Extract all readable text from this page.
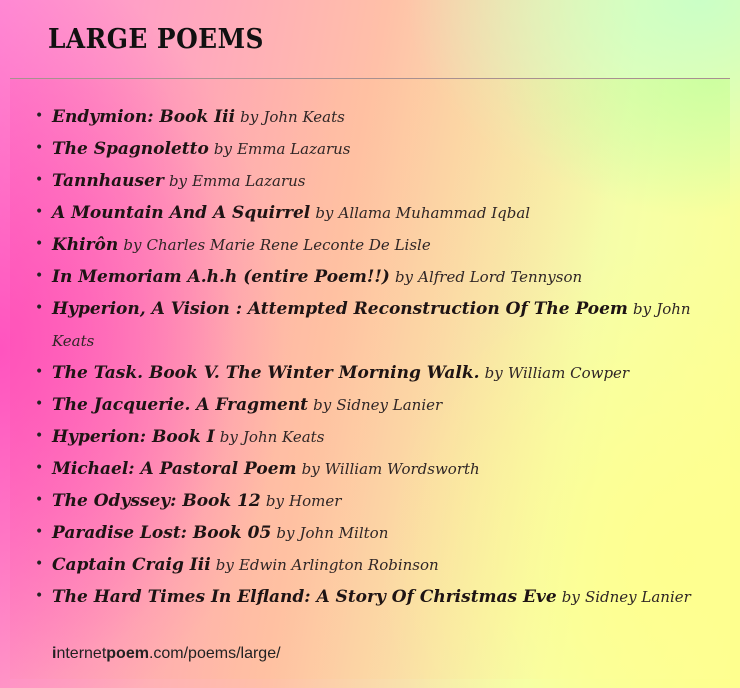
LARGE POEMS
• Endymion: Book Iii by John Keats
• The Spagnoletto by Emma Lazarus
• Tannhauser by Emma Lazarus
• A Mountain And A Squirrel by Allama Muhammad Iqbal
• Khirôn by Charles Marie Rene Leconte De Lisle
• In Memoriam A.h.h (entire Poem!!) by Alfred Lord Tennyson
• Hyperion, A Vision : Attempted Reconstruction Of The Poem by John Keats
• The Task. Book V. The Winter Morning Walk. by William Cowper
• The Jacquerie. A Fragment by Sidney Lanier
• Hyperion: Book I by John Keats
• Michael: A Pastoral Poem by William Wordsworth
• The Odyssey: Book 12 by Homer
• Paradise Lost: Book 05 by John Milton
• Captain Craig Iii by Edwin Arlington Robinson
• The Hard Times In Elfland: A Story Of Christmas Eve by Sidney Lanier
internetpoem.com/poems/large/
